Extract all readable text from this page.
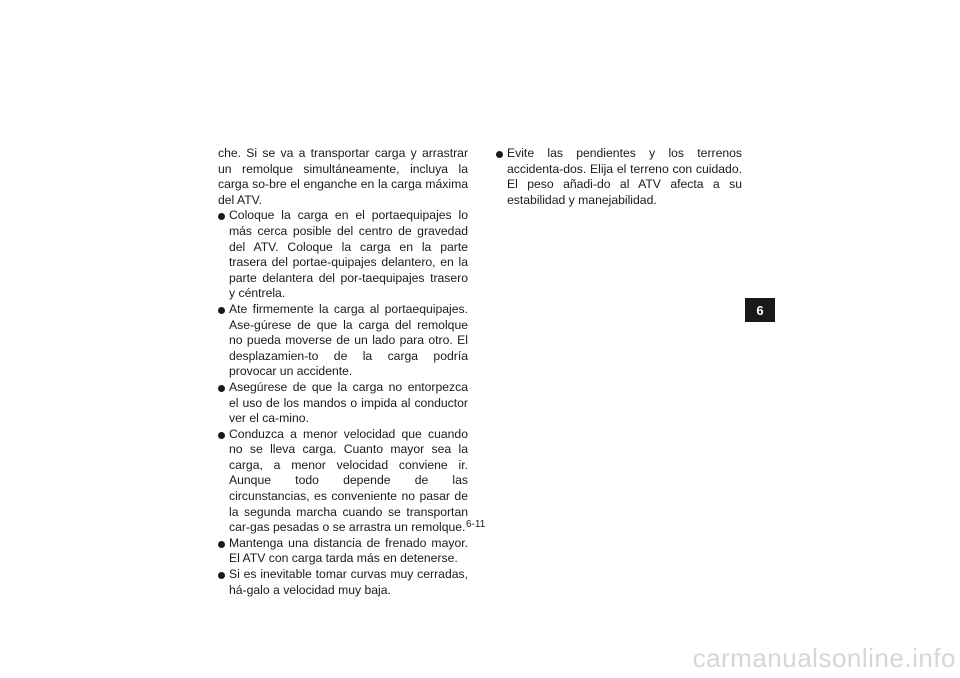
che. Si se va a transportar carga y arrastrar un remolque simultáneamente, incluya la carga so-bre el enganche en la carga máxima del ATV.

Coloque la carga en el portaequipajes lo más cerca posible del centro de gravedad del ATV. Coloque la carga en la parte trasera del portae-quipajes delantero, en la parte delantera del por-taequipajes trasero y céntrela.

Ate firmemente la carga al portaequipajes. Ase-gúrese de que la carga del remolque no pueda moverse de un lado para otro. El desplazamien-to de la carga podría provocar un accidente.

Asegúrese de que la carga no entorpezca el uso de los mandos o impida al conductor ver el ca-mino.

Conduzca a menor velocidad que cuando no se lleva carga. Cuanto mayor sea la carga, a menor velocidad conviene ir. Aunque todo depende de las circunstancias, es conveniente no pasar de la segunda marcha cuando se transportan car-gas pesadas o se arrastra un remolque.

Mantenga una distancia de frenado mayor. El ATV con carga tarda más en detenerse.

Si es inevitable tomar curvas muy cerradas, há-galo a velocidad muy baja.

Evite las pendientes y los terrenos accidenta-dos. Elija el terreno con cuidado. El peso añadi-do al ATV afecta a su estabilidad y manejabilidad.

6
6-11
carmanualsonline.info
